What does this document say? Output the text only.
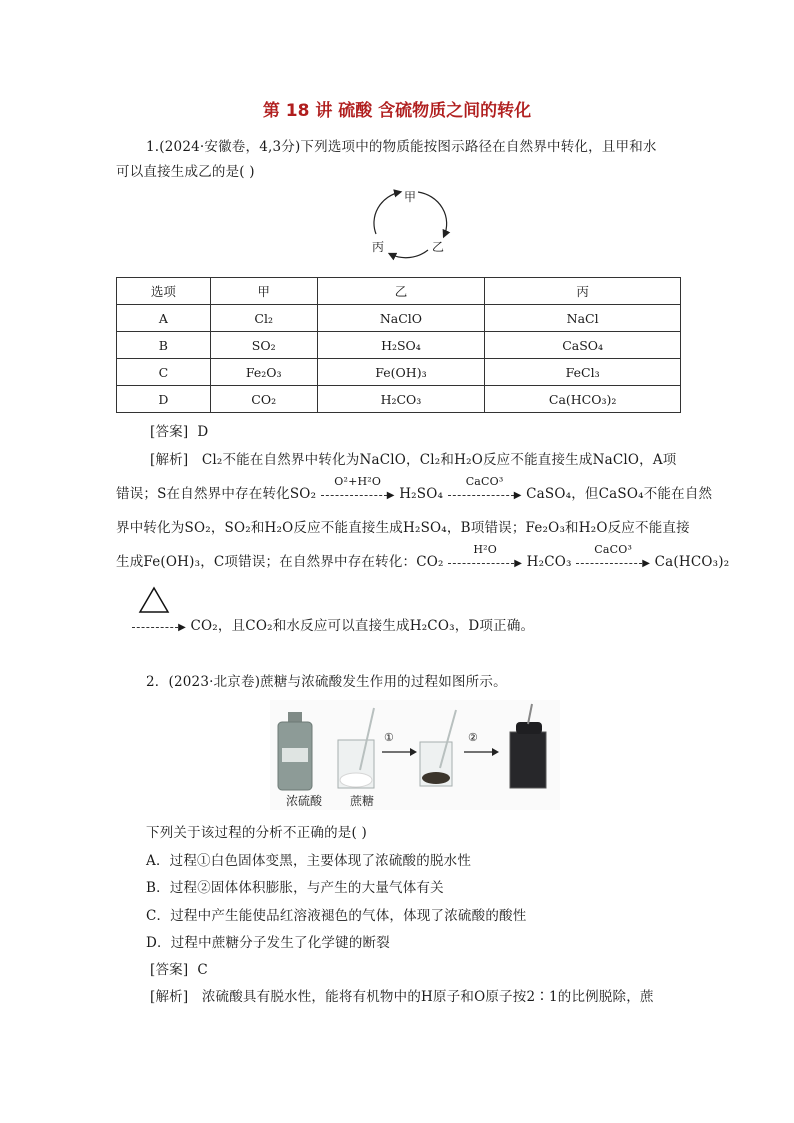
第 18 讲 硫酸 含硫物质之间的转化
1.(2024·安徽卷，4,3分)下列选项中的物质能按图示路径在自然界中转化，且甲和水
可以直接生成乙的是( )
甲
乙
丙
选项	甲	乙	丙
A	Cl₂	NaClO	NaCl
B	SO₂	H₂SO₄	CaSO₄
C	Fe₂O₃	Fe(OH)₃	FeCl₃
D	CO₂	H₂CO₃	Ca(HCO₃)₂
[答案] D
[解析] Cl₂不能在自然界中转化为NaClO，Cl₂和H₂O反应不能直接生成NaClO，A项
错误；S在自然界中存在转化SO₂
O²+H²O
▶ H₂SO₄
CaCO³
▶ CaSO₄，但CaSO₄不能在自然
界中转化为SO₂，SO₂和H₂O反应不能直接生成H₂SO₄，B项错误；Fe₂O₃和H₂O反应不能直接
生成Fe(OH)₃，C项错误；在自然界中存在转化：CO₂
H²O
▶ H₂CO₃
CaCO³
▶ Ca(HCO₃)₂
▶ CO₂，且CO₂和水反应可以直接生成H₂CO₃，D项正确。
2．(2023·北京卷)蔗糖与浓硫酸发生作用的过程如图所示。
①	②
浓硫酸 蔗糖
下列关于该过程的分析不正确的是( )
A．过程①白色固体变黑，主要体现了浓硫酸的脱水性
B．过程②固体体积膨胀，与产生的大量气体有关
C．过程中产生能使品红溶液褪色的气体，体现了浓硫酸的酸性
D．过程中蔗糖分子发生了化学键的断裂
[答案] C
[解析] 浓硫酸具有脱水性，能将有机物中的H原子和O原子按2∶1的比例脱除，蔗
